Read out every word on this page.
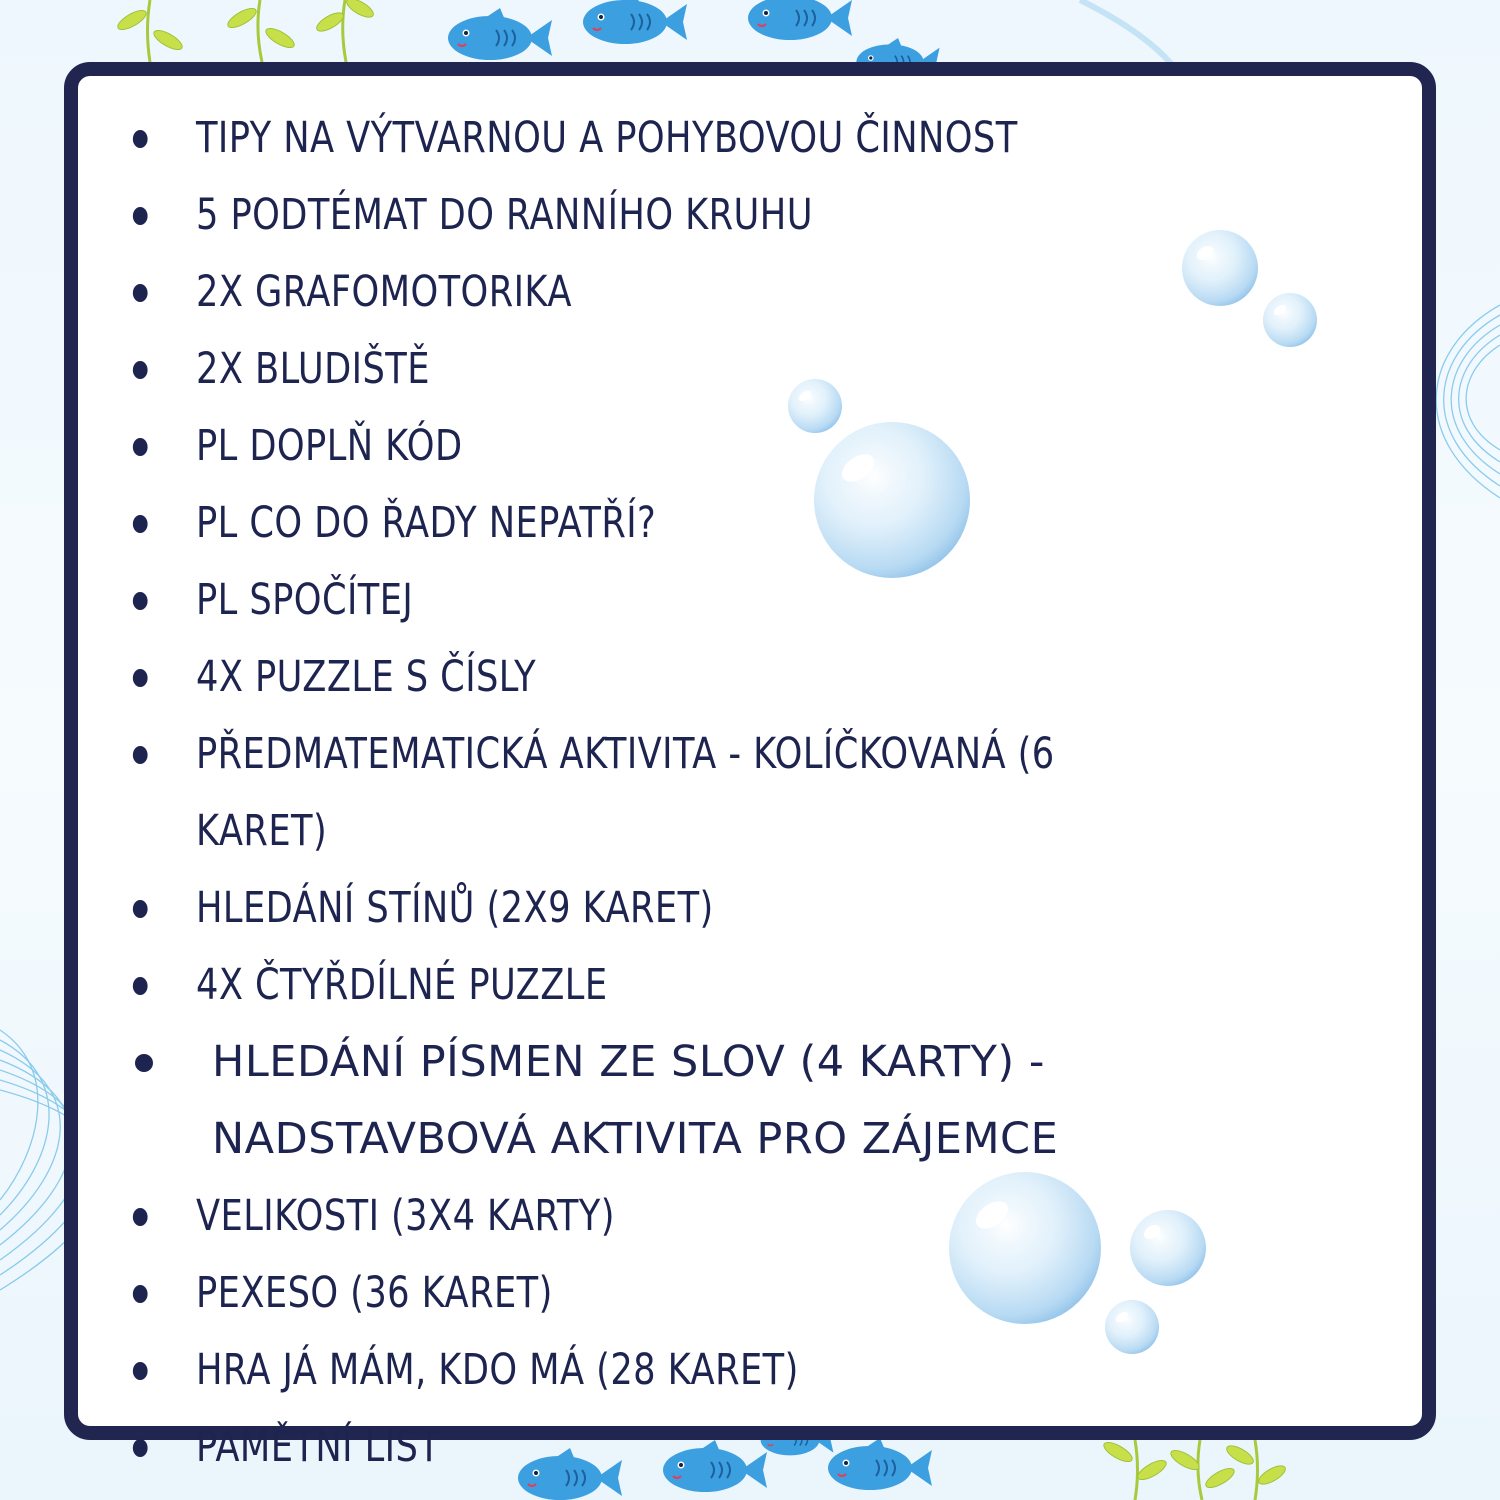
TIPY NA VÝTVARNOU A POHYBOVOU ČINNOST
5 PODTÉMAT DO RANNÍHO KRUHU
2X GRAFOMOTORIKA
2X BLUDIŠTĚ
PL DOPLŇ KÓD
PL CO DO ŘADY NEPATŘÍ?
PL SPOČÍTEJ
4X PUZZLE S ČÍSLY
PŘEDMATEMATICKÁ AKTIVITA - KOLÍČKOVANÁ (6 KARET)
HLEDÁNÍ STÍNŮ (2X9 KARET)
4X ČTYŘDÍLNÉ PUZZLE
HLEDÁNÍ PÍSMEN ZE SLOV (4 KARTY) - NADSTAVBOVÁ AKTIVITA PRO ZÁJEMCE
VELIKOSTI (3X4 KARTY)
PEXESO (36 KARET)
HRA JÁ MÁM, KDO MÁ (28 KARET)
PAMĚTNÍ LIST
